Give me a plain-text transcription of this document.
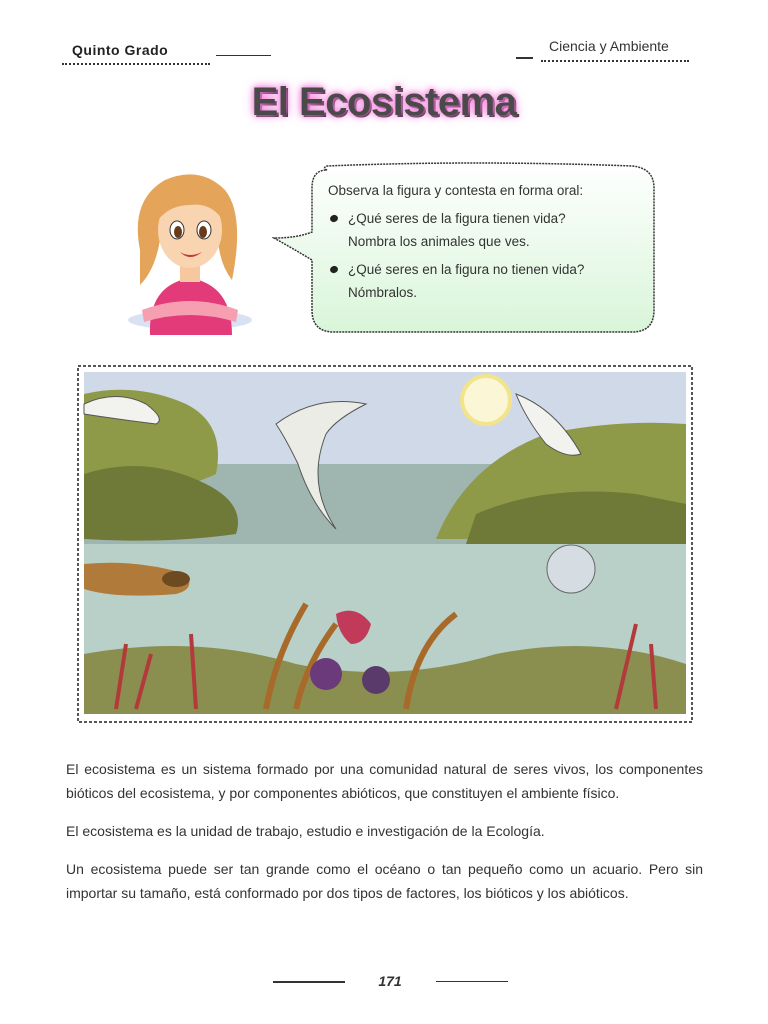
Quinto Grado	Ciencia y Ambiente
El Ecosistema
Observa la figura y contesta en forma oral:
¿Qué seres de la figura tienen vida?
Nombra los animales que ves.
¿Qué seres en la figura no tienen vida?
Nómbralos.

El ecosistema es un sistema formado por una comunidad natural de seres vivos, los componentes bióticos del ecosistema, y por componentes abióticos, que constituyen el ambiente físico.

El ecosistema es la unidad de trabajo, estudio e investigación de la Ecología.

Un ecosistema puede ser tan grande como el océano o tan pequeño como un acuario. Pero sin importar su tamaño, está conformado por dos tipos de factores, los bióticos y los abióticos.

171
